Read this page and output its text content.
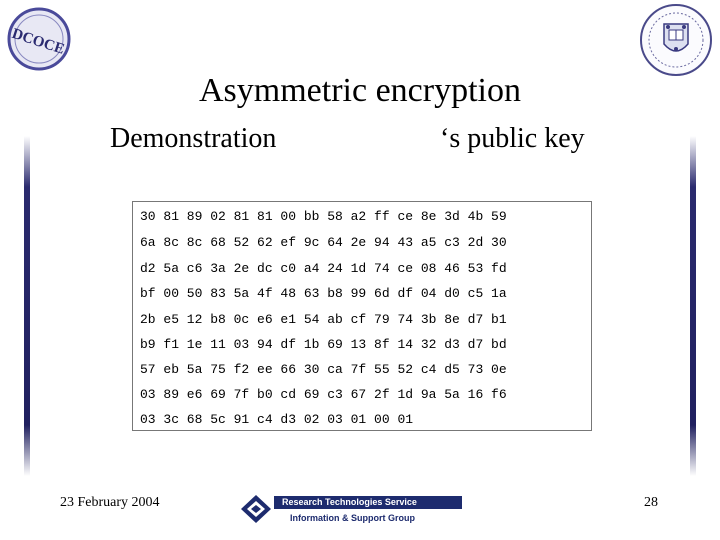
DCOCE
Asymmetric encryption
Demonstration	‘s public key
30 81 89 02 81 81 00 bb 58 a2 ff ce 8e 3d 4b 59
6a 8c 8c 68 52 62 ef 9c 64 2e 94 43 a5 c3 2d 30
d2 5a c6 3a 2e dc c0 a4 24 1d 74 ce 08 46 53 fd
bf 00 50 83 5a 4f 48 63 b8 99 6d df 04 d0 c5 1a
2b e5 12 b8 0c e6 e1 54 ab cf 79 74 3b 8e d7 b1
b9 f1 1e 11 03 94 df 1b 69 13 8f 14 32 d3 d7 bd
57 eb 5a 75 f2 ee 66 30 ca 7f 55 52 c4 d5 73 0e
03 89 e6 69 7f b0 cd 69 c3 67 2f 1d 9a 5a 16 f6
03 3c 68 5c 91 c4 d3 02 03 01 00 01
23 February 2004	Research Technologies Service
Information & Support Group
28
